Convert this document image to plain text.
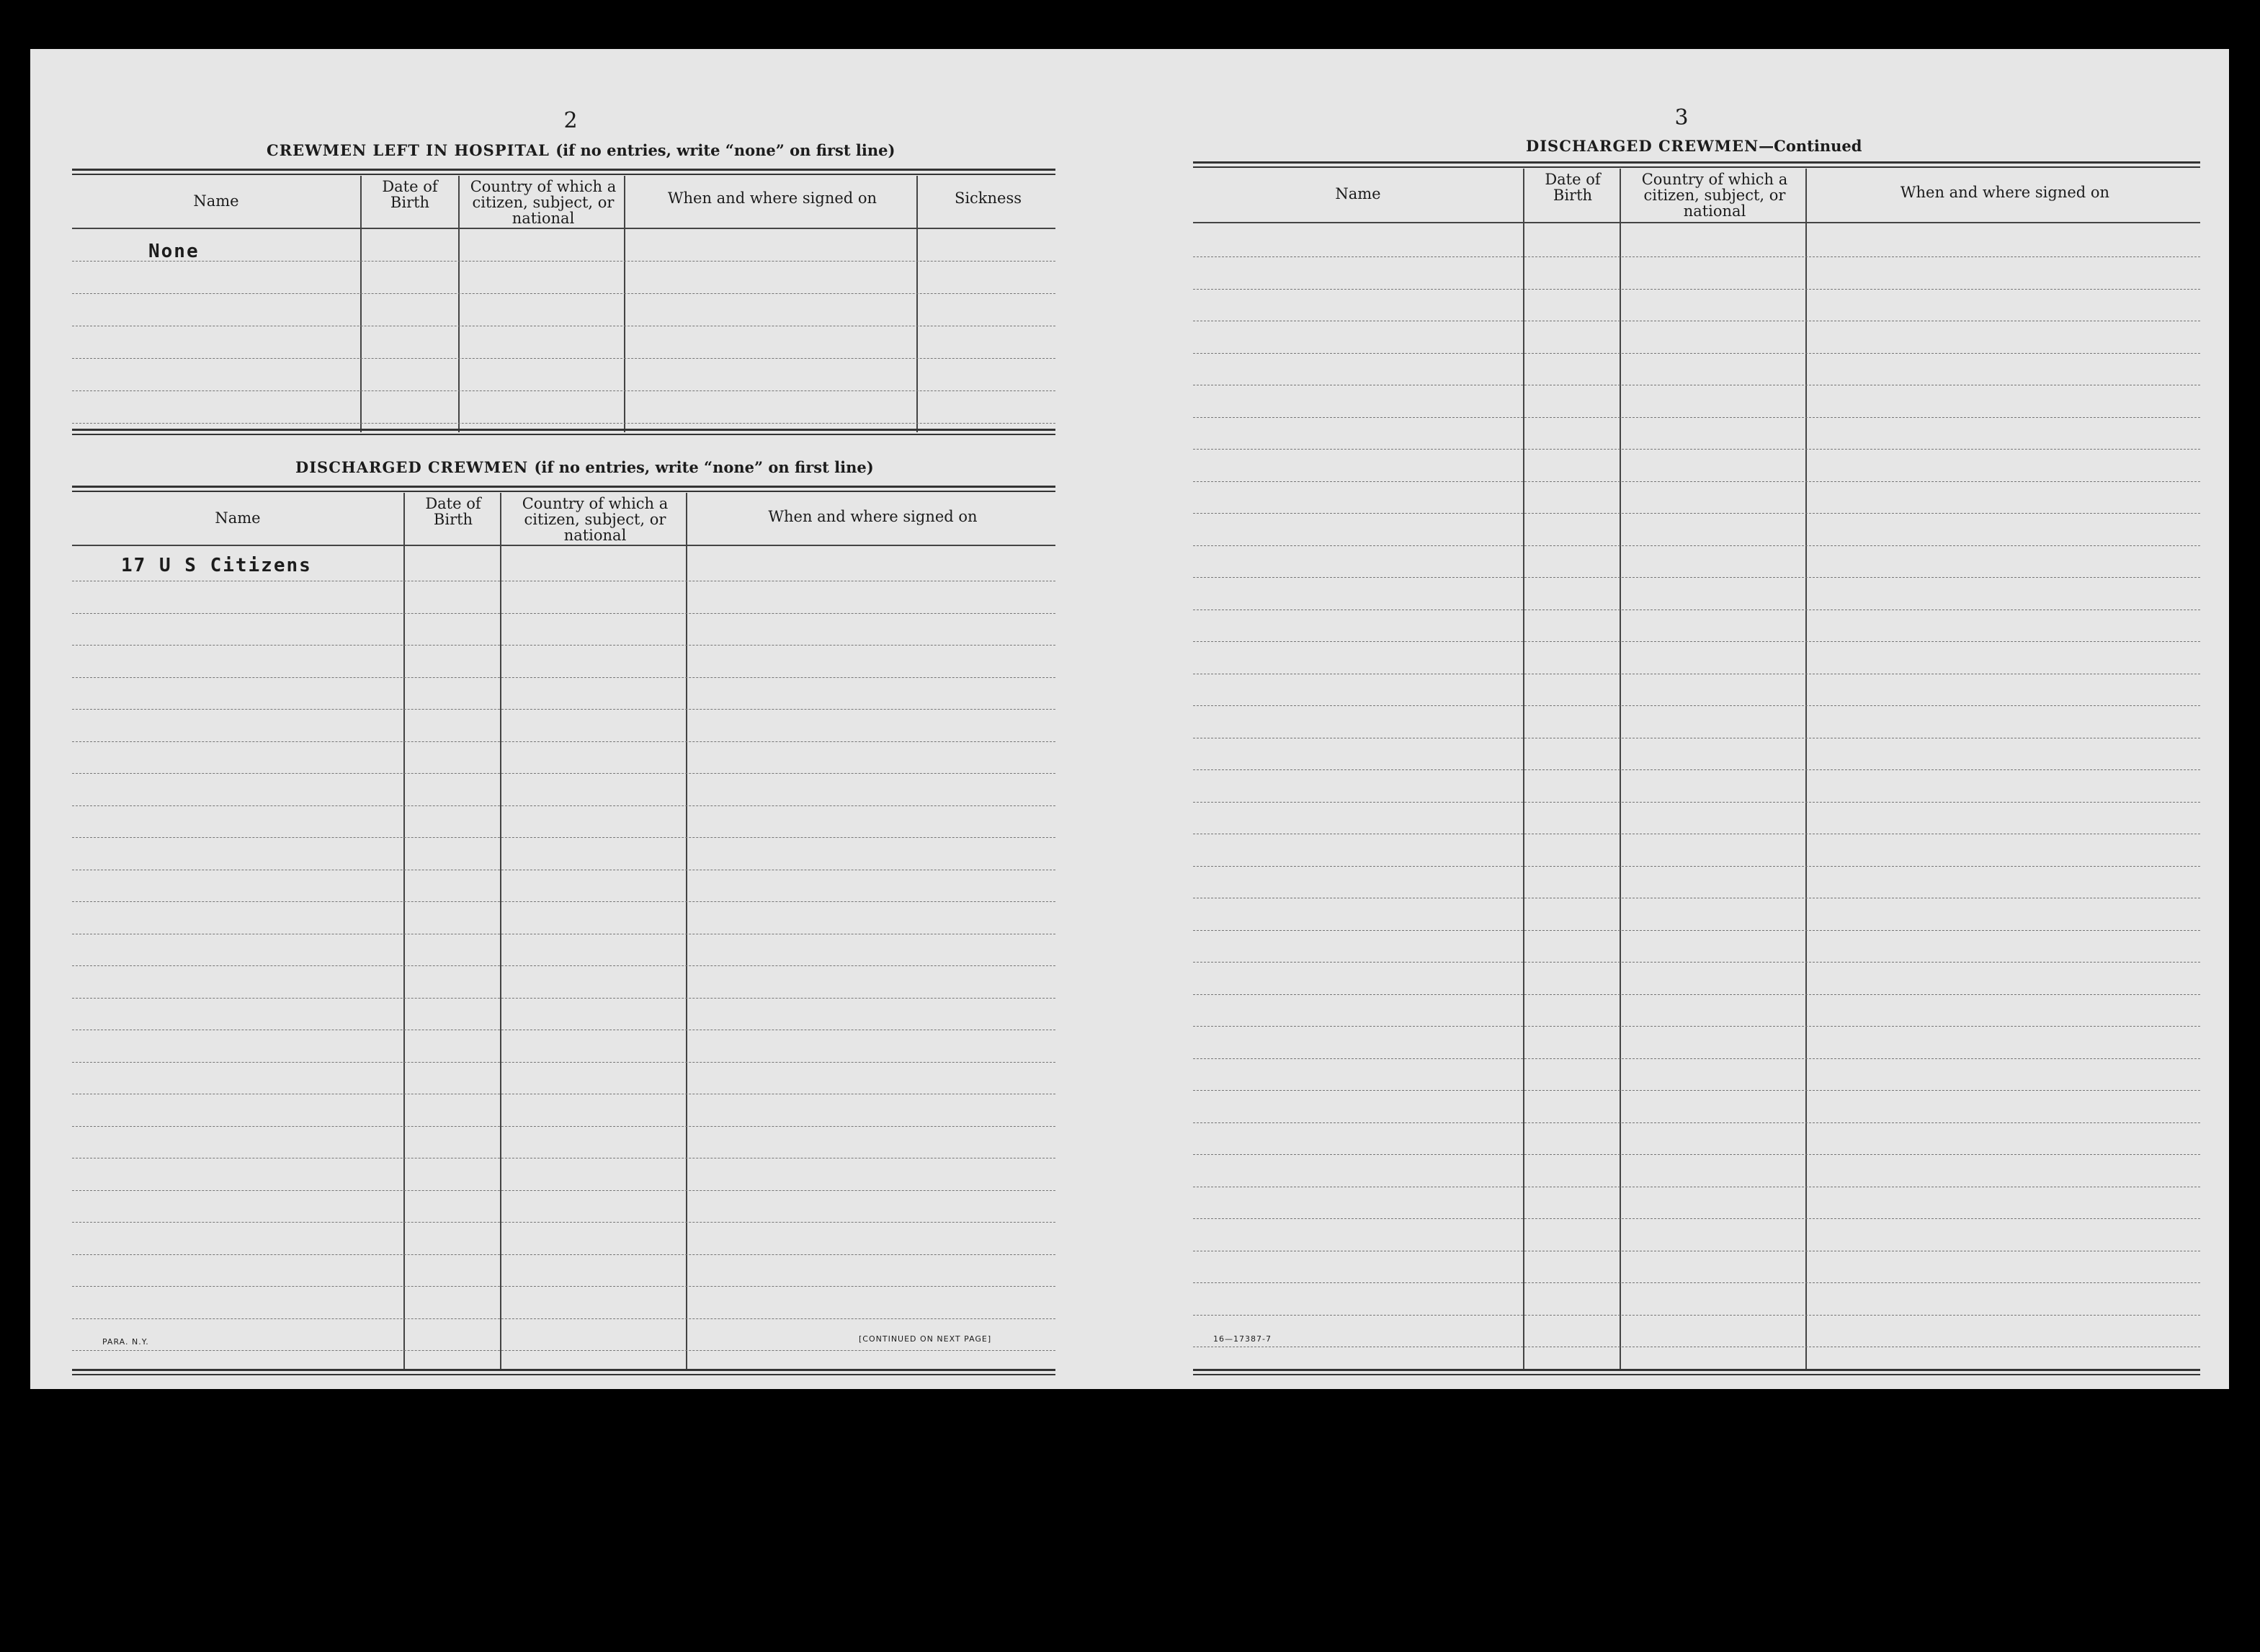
2
CREWMEN LEFT IN HOSPITAL (if no entries, write “none” on first line)
Name
Date of Birth
Country of which a citizen, subject, or national
When and where signed on	Sickness
None
DISCHARGED CREWMEN (if no entries, write “none” on first line)
Name
Date of Birth
Country of which a citizen, subject, or national
When and where signed on
17 U S Citizens
PARA. N.Y.	[CONTINUED ON NEXT PAGE]
3
DISCHARGED CREWMEN—Continued
Name
Date of Birth
Country of which a citizen, subject, or national
When and where signed on
16—17387-7
